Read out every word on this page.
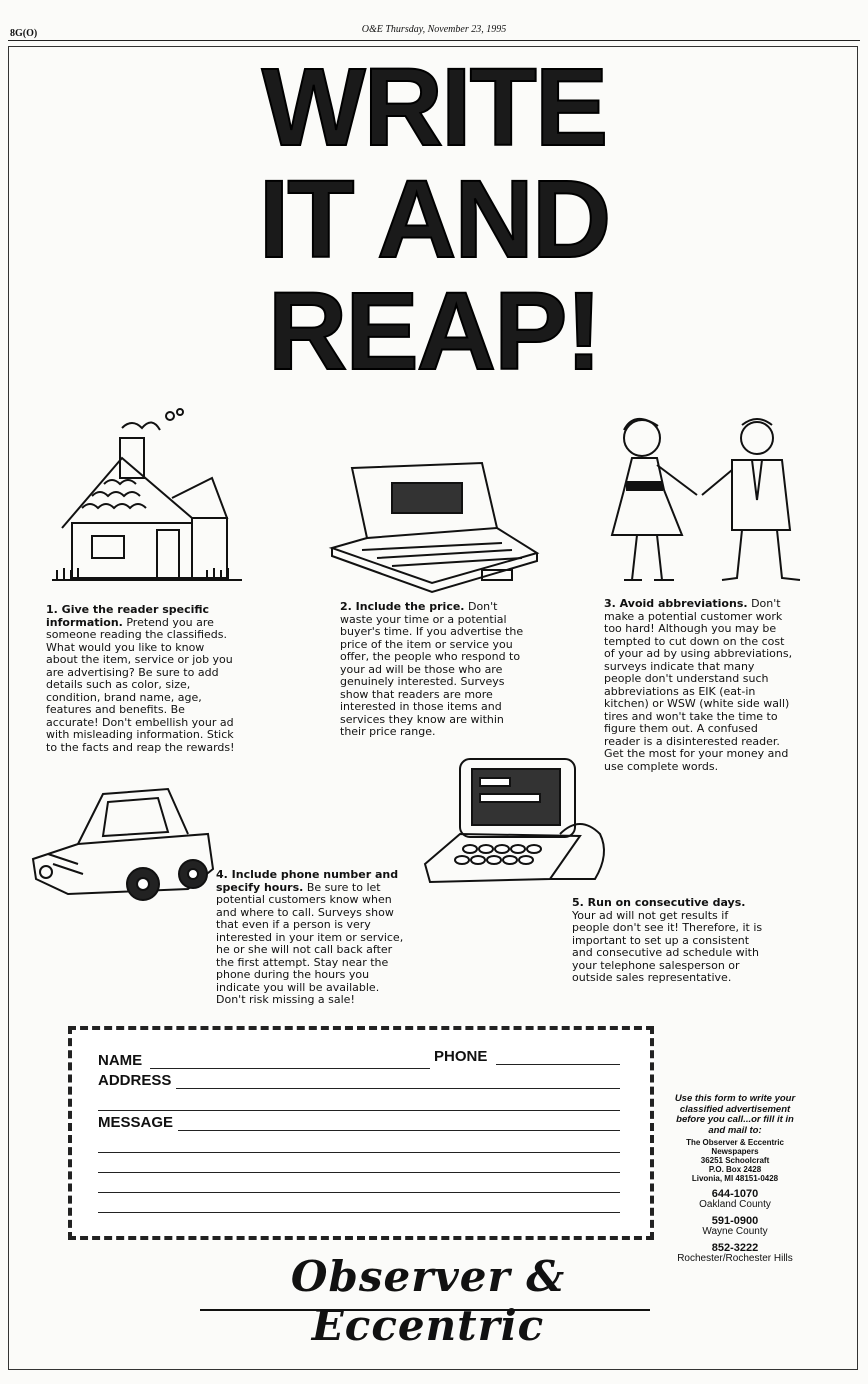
8G(O)	O&E Thursday, November 23, 1995
WRITE
IT AND
REAP!
1. Give the reader specific information. Pretend you are someone reading the classifieds. What would you like to know about the item, service or job you are advertising? Be sure to add details such as color, size, condition, brand name, age, features and benefits. Be accurate! Don't embellish your ad with misleading information. Stick to the facts and reap the rewards!
2. Include the price. Don't waste your time or a potential buyer's time. If you advertise the price of the item or service you offer, the people who respond to your ad will be those who are genuinely interested. Surveys show that readers are more interested in those items and services they know are within their price range.
3. Avoid abbreviations. Don't make a potential customer work too hard! Although you may be tempted to cut down on the cost of your ad by using abbreviations, surveys indicate that many people don't understand such abbreviations as EIK (eat-in kitchen) or WSW (white side wall) tires and won't take the time to figure them out. A confused reader is a disinterested reader. Get the most for your money and use complete words.
4. Include phone number and specify hours. Be sure to let potential customers know when and where to call. Surveys show that even if a person is very interested in your item or service, he or she will not call back after the first attempt. Stay near the phone during the hours you indicate you will be available. Don't risk missing a sale!
5. Run on consecutive days. Your ad will not get results if people don't see it! Therefore, it is important to set up a consistent and consecutive ad schedule with your telephone salesperson or outside sales representative.
NAME	PHONE
ADDRESS
MESSAGE
Use this form to write your classified advertisement before you call...or fill it in and mail to:
The Observer & Eccentric Newspapers
36251 Schoolcraft
P.O. Box 2428
Livonia, MI 48151-0428
644-1070
Oakland County
591-0900
Wayne County
852-3222
Rochester/Rochester Hills
Observer & Eccentric
